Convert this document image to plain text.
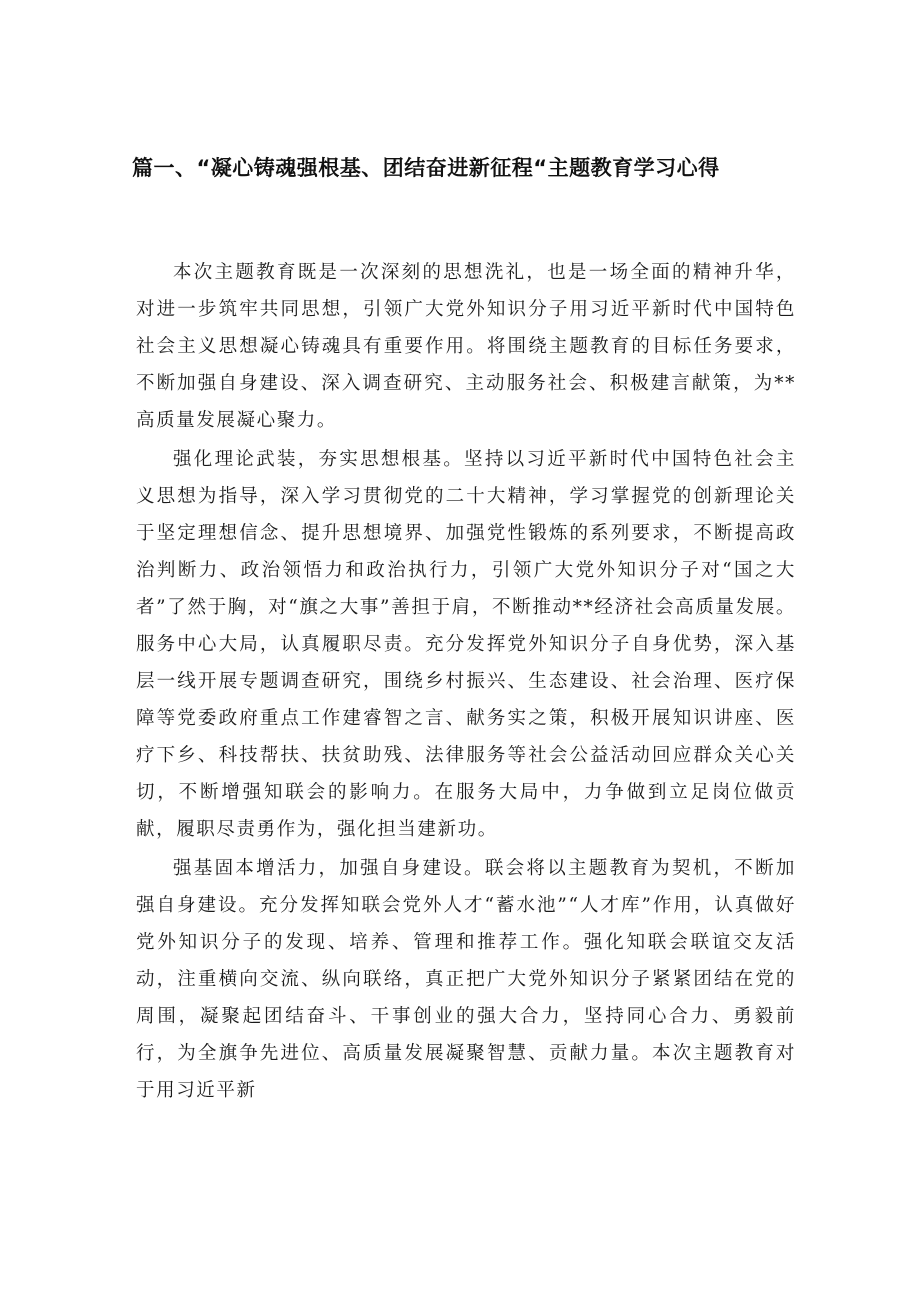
篇一、“凝心铸魂强根基、团结奋进新征程“主题教育学习心得

本次主题教育既是一次深刻的思想洗礼，也是一场全面的精神升华，对进一步筑牢共同思想，引领广大党外知识分子用习近平新时代中国特色社会主义思想凝心铸魂具有重要作用。将围绕主题教育的目标任务要求，不断加强自身建设、深入调查研究、主动服务社会、积极建言献策，为**高质量发展凝心聚力。

强化理论武装，夯实思想根基。坚持以习近平新时代中国特色社会主义思想为指导，深入学习贯彻党的二十大精神，学习掌握党的创新理论关于坚定理想信念、提升思想境界、加强党性锻炼的系列要求，不断提高政治判断力、政治领悟力和政治执行力，引领广大党外知识分子对“国之大者”了然于胸，对“旗之大事”善担于肩，不断推动**经济社会高质量发展。服务中心大局，认真履职尽责。充分发挥党外知识分子自身优势，深入基层一线开展专题调查研究，围绕乡村振兴、生态建设、社会治理、医疗保障等党委政府重点工作建睿智之言、献务实之策，积极开展知识讲座、医疗下乡、科技帮扶、扶贫助残、法律服务等社会公益活动回应群众关心关切，不断增强知联会的影响力。在服务大局中，力争做到立足岗位做贡献，履职尽责勇作为，强化担当建新功。

强基固本增活力，加强自身建设。联会将以主题教育为契机，不断加强自身建设。充分发挥知联会党外人才“蓄水池”“人才库”作用，认真做好党外知识分子的发现、培养、管理和推荐工作。强化知联会联谊交友活动，注重横向交流、纵向联络，真正把广大党外知识分子紧紧团结在党的周围，凝聚起团结奋斗、干事创业的强大合力，坚持同心合力、勇毅前行，为全旗争先进位、高质量发展凝聚智慧、贡献力量。本次主题教育对于用习近平新
